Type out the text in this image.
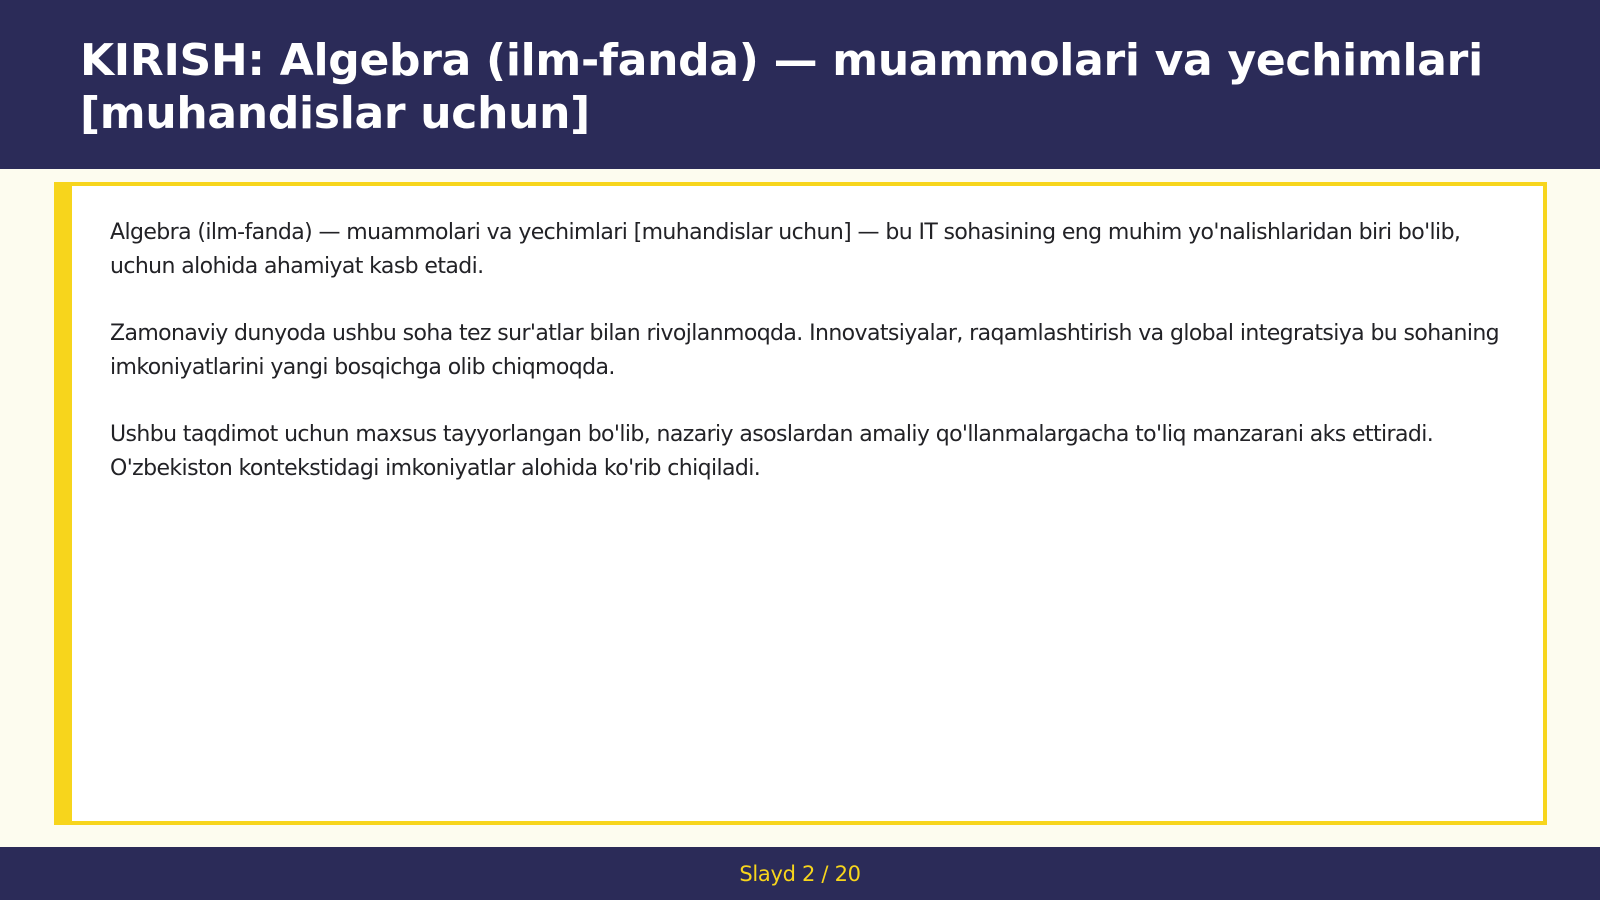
KIRISH: Algebra (ilm-fanda) — muammolari va yechimlari [muhandislar uchun]

Algebra (ilm-fanda) — muammolari va yechimlari [muhandislar uchun] — bu IT sohasining eng muhim yo'nalishlaridan biri bo'lib, uchun alohida ahamiyat kasb etadi.

Zamonaviy dunyoda ushbu soha tez sur'atlar bilan rivojlanmoqda. Innovatsiyalar, raqamlashtirish va global integratsiya bu sohaning imkoniyatlarini yangi bosqichga olib chiqmoqda.

Ushbu taqdimot uchun maxsus tayyorlangan bo'lib, nazariy asoslardan amaliy qo'llanmalargacha to'liq manzarani aks ettiradi. O'zbekiston kontekstidagi imkoniyatlar alohida ko'rib chiqiladi.

Slayd 2 / 20
